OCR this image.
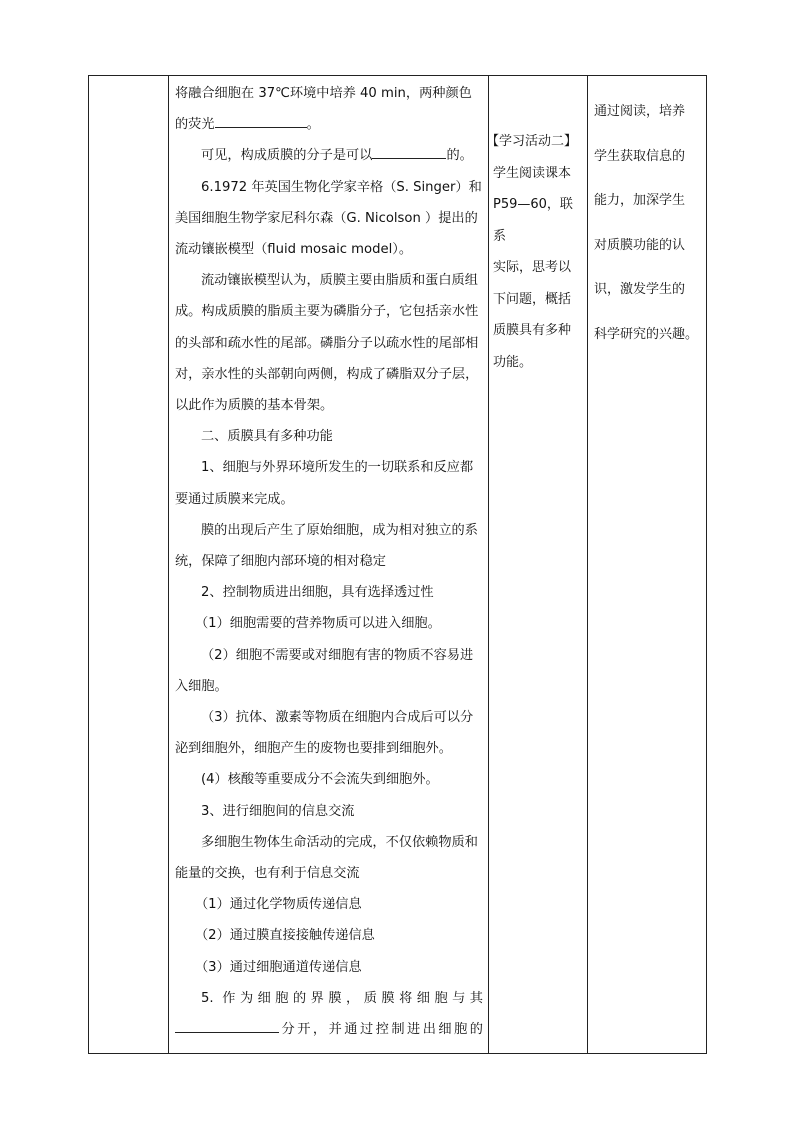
将融合细胞在 37℃环境中培养 40 min，两种颜色

的荧光	。

可见，构成质膜的分子是可以	的。

6.1972 年英国生物化学家辛格（S. Singer）和美国细胞生物学家尼科尔森（G. Nicolson ）提出的流动镶嵌模型（fluid mosaic model）。

流动镶嵌模型认为，质膜主要由脂质和蛋白质组成。构成质膜的脂质主要为磷脂分子，它包括亲水性的头部和疏水性的尾部。磷脂分子以疏水性的尾部相对，亲水性的头部朝向两侧，构成了磷脂双分子层，以此作为质膜的基本骨架。

二、质膜具有多种功能

1、细胞与外界环境所发生的一切联系和反应都要通过质膜来完成。

膜的出现后产生了原始细胞，成为相对独立的系统，保障了细胞内部环境的相对稳定

2、控制物质进出细胞，具有选择透过性

（1）细胞需要的营养物质可以进入细胞。

（2）细胞不需要或对细胞有害的物质不容易进入细胞。

（3）抗体、激素等物质在细胞内合成后可以分泌到细胞外，细胞产生的废物也要排到细胞外。

(4）核酸等重要成分不会流失到细胞外。

3、进行细胞间的信息交流

多细胞生物体生命活动的完成，不仅依赖物质和能量的交换，也有利于信息交流

（1）通过化学物质传递信息

（2）通过膜直接接触传递信息

（3）通过细胞通道传递信息

5. 作为细胞的界膜，质膜将细胞与其

分开，并通过控制进出细胞的

【学习活动二】

学生阅读课本

P59—60，联系

实际，思考以

下问题，概括

质膜具有多种

功能。

通过阅读，培养

学生获取信息的

能力，加深学生

对质膜功能的认

识，激发学生的

科学研究的兴趣。
